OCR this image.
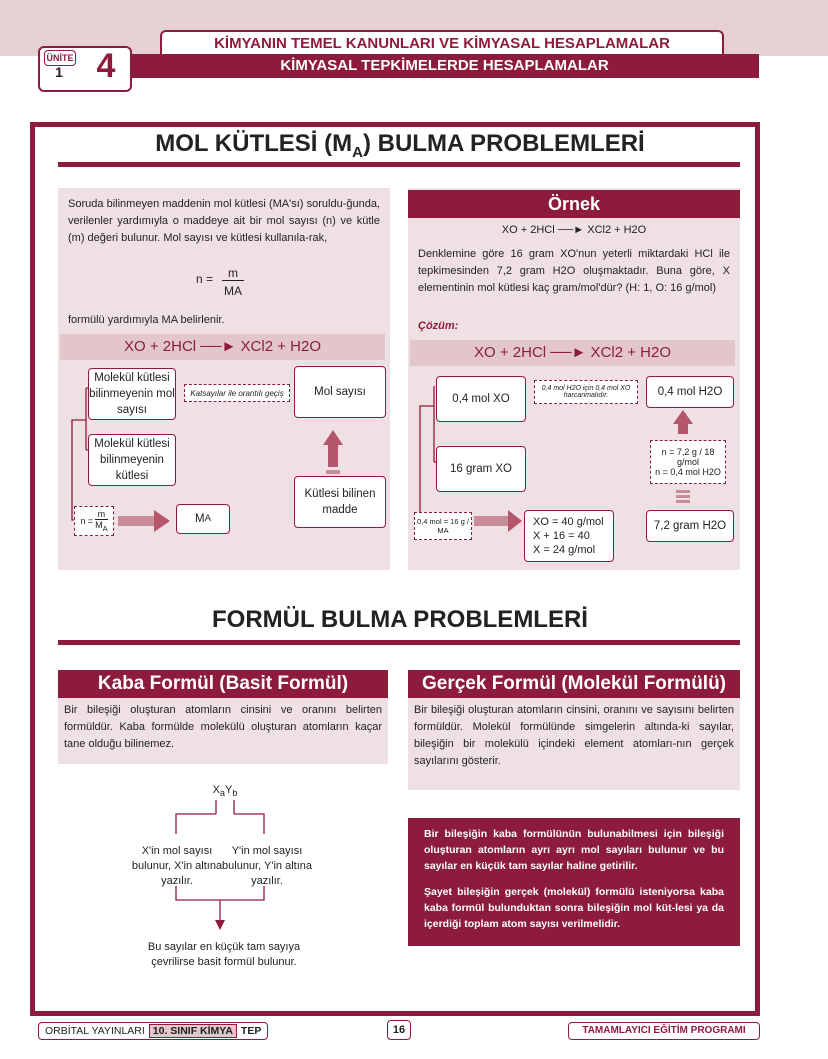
ÜNİTE
1 4
KİMYANIN TEMEL KANUNLARI VE KİMYASAL HESAPLAMALAR
KİMYASAL TEPKİMELERDE HESAPLAMALAR
MOL KÜTLESİ $(M_A)$ BULMA PROBLEMLERİ
Soruda bilinmeyen maddenin mol kütlesi (MA'sı) soruldu-ğunda, verilenler yardımıyla o maddeye ait bir mol sayısı (n) ve kütle (m) değeri bulunur. Mol sayısı ve kütlesi kullanıla-rak,
n =	m
MA
formülü yardımıyla MA belirlenir.
XO + 2HCl ──► XCl2 + H2O
Molekül kütlesi bilinmeyenin mol sayısı
Katsayılar ile orantılı geçiş	Mol sayısı
Molekül kütlesi bilinmeyenin kütlesi
Kütlesi bilinen madde
n =
m
$M_A$
M A
Örnek
XO + 2HCl ──► XCl2 + H2O
Denklemine göre 16 gram XO'nun yeterli miktardaki HCl ile tepkimesinden 7,2 gram H2O oluşmaktadır. Buna göre, X elementinin mol kütlesi kaç gram/mol'dür? (H: 1, O: 16 g/mol)
Çözüm:
XO + 2HCl ──► XCl2 + H2O
0,4 mol XO
0,4 mol H2O için 0,4 mol XO harcanmalıdır.	0,4 mol H2O
n = 7,2 g / 18 g/mol
n = 0,4 mol H2O
16 gram XO
0,4 mol = 16 g / MA
XO = 40 g/mol
X + 16 = 40
X = 24 g/mol
7,2 gram H2O
FORMÜL BULMA PROBLEMLERİ
Kaba Formül (Basit Formül)
Bir bileşiği oluşturan atomların cinsini ve oranını belirten formüldür. Kaba formülde molekülü oluşturan atomların kaçar tane olduğu bilinemez.
Gerçek Formül (Molekül Formülü)
Bir bileşiği oluşturan atomların cinsini, oranını ve sayısını belirten formüldür. Molekül formülünde simgelerin altında-ki sayılar, bileşiğin bir molekülü içindeki element atomları-nın gerçek sayılarını gösterir.
$X_aY_b$
X'in mol sayısı bulunur, X'in altına yazılır.
Y'in mol sayısı bulunur, Y'in altına yazılır.
Bu sayılar en küçük tam sayıya çevrilirse basit formül bulunur.
Bir bileşiğin kaba formülünün bulunabilmesi için bileşiği oluşturan atomların ayrı ayrı mol sayıları bulunur ve bu sayılar en küçük tam sayılar haline getirilir.
Şayet bileşiğin gerçek (molekül) formülü isteniyorsa kaba kaba formül bulunduktan sonra bileşiğin mol küt-lesi ya da içerdiği toplam atom sayısı verilmelidir.
ORBİTAL YAYINLARI 10. SINIF KİMYA TEP	16	TAMAMLAYICI EĞİTİM PROGRAMI
